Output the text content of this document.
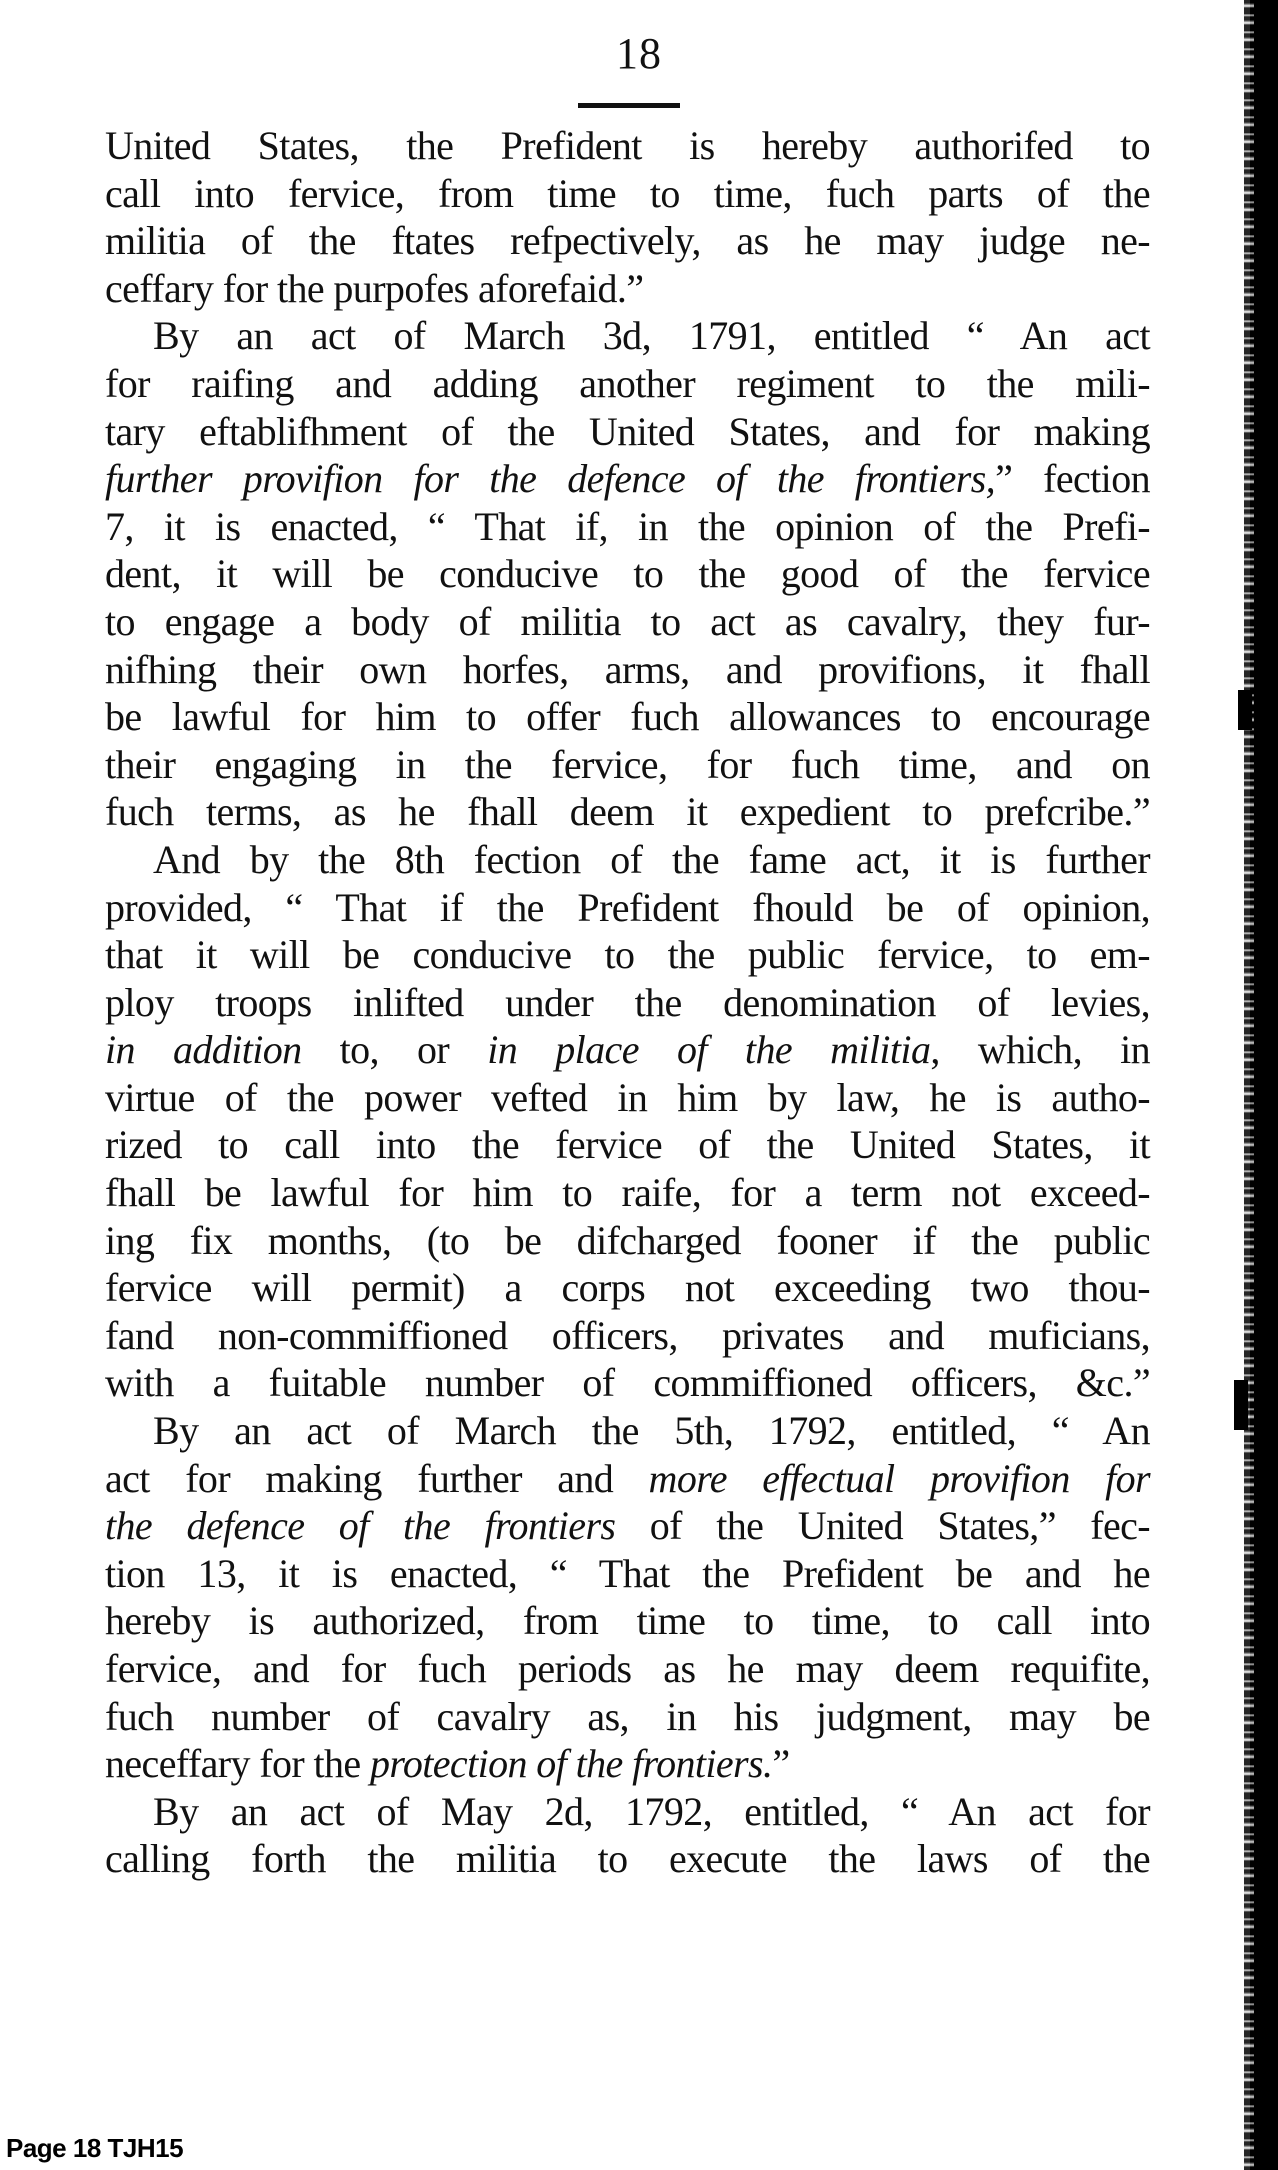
18
United States, the Prefident is hereby authorifed to
call into fervice, from time to time, fuch parts of the
militia of the ftates refpectively, as he may judge ne-
ceffary for the purpofes aforefaid.”
By an act of March 3d, 1791, entitled “ An act
for raifing and adding another regiment to the mili-
tary eftablifhment of the United States, and for making
further provifion for the defence of the frontiers,” fection
7, it is enacted, “ That if, in the opinion of the Prefi-
dent, it will be conducive to the good of the fervice
to engage a body of militia to act as cavalry, they fur-
nifhing their own horfes, arms, and provifions, it fhall
be lawful for him to offer fuch allowances to encourage
their engaging in the fervice, for fuch time, and on
fuch terms, as he fhall deem it expedient to prefcribe.”
And by the 8th fection of the fame act, it is further
provided, “ That if the Prefident fhould be of opinion,
that it will be conducive to the public fervice, to em-
ploy troops inlifted under the denomination of levies,
in addition to, or in place of the militia, which, in
virtue of the power vefted in him by law, he is autho-
rized to call into the fervice of the United States, it
fhall be lawful for him to raife, for a term not exceed-
ing fix months, (to be difcharged fooner if the public
fervice will permit) a corps not exceeding two thou-
fand non-commiffioned officers, privates and muficians,
with a fuitable number of commiffioned officers, &c.”
By an act of March the 5th, 1792, entitled, “ An
act for making further and more effectual provifion for
the defence of the frontiers of the United States,” fec-
tion 13, it is enacted, “ That the Prefident be and he
hereby is authorized, from time to time, to call into
fervice, and for fuch periods as he may deem requifite,
fuch number of cavalry as, in his judgment, may be
neceffary for the protection of the frontiers.”
By an act of May 2d, 1792, entitled, “ An act for
calling forth the militia to execute the laws of the
Page 18 TJH15
